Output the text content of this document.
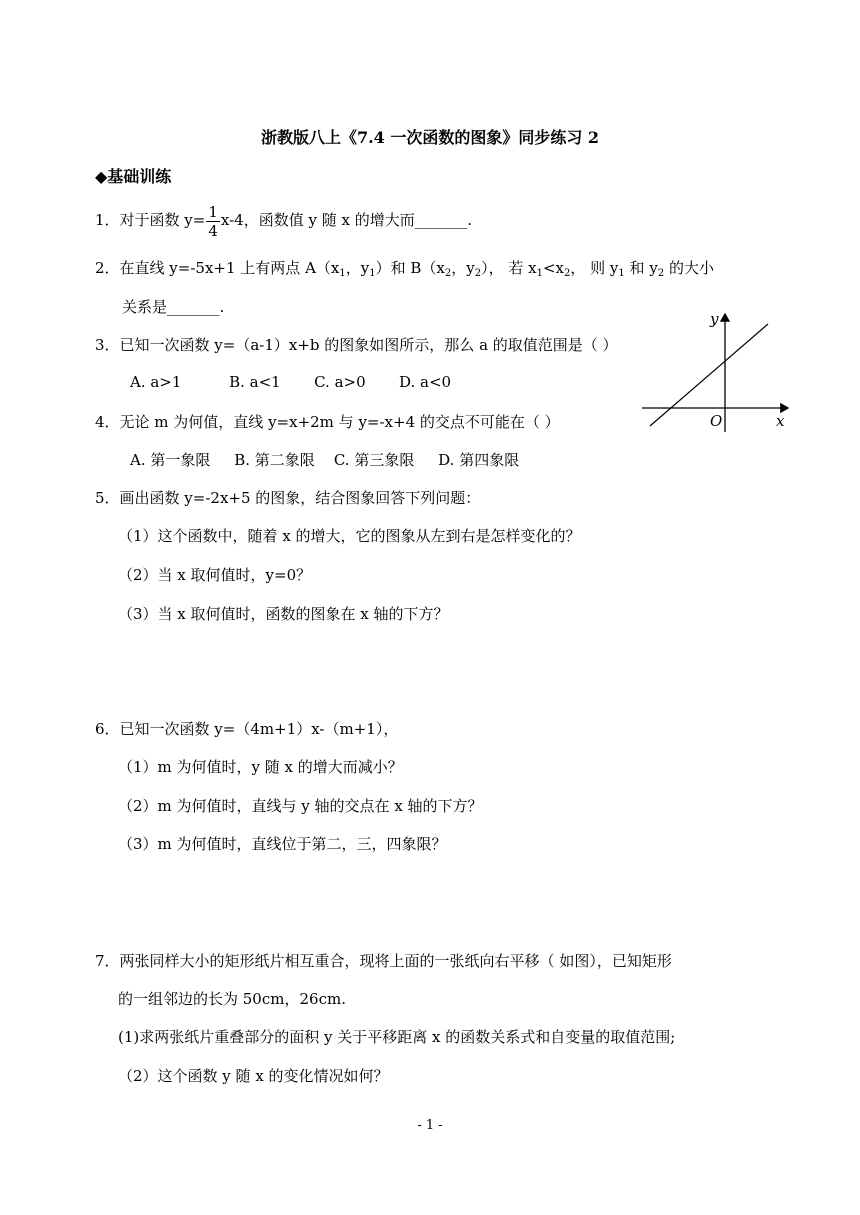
浙教版八上《7.4 一次函数的图象》同步练习 2
◆基础训练
1．对于函数 $y= \frac{1}{4} x-4$，函数值 y 随 x 的增大而_______.
2．在直线 y=-5x+1 上有两点 $A(x_1$，$y_1$）和 $B(x_2$，$y_2$）， 若 $x_1<x_2$， 则 $y_1$ 和 $y_2$ 的大小
关系是_______.
3．已知一次函数 y=（a-1）x+b 的图象如图所示，那么 a 的取值范围是（ ）
A. a>1          B. a<1       C. a>0       D. a<0
4．无论 m 为何值，直线 y=x+2m 与 y=-x+4 的交点不可能在（ ）
A. 第一象限     B. 第二象限    C. 第三象限     D. 第四象限
y
x
O
5．画出函数 y=-2x+5 的图象，结合图象回答下列问题：
（1）这个函数中，随着 x 的增大，它的图象从左到右是怎样变化的？
（2）当 x 取何值时，y=0？
（3）当 x 取何值时，函数的图象在 x 轴的下方？
6．已知一次函数 y=（4m+1）x-（m+1），
（1）m 为何值时，y 随 x 的增大而减小？
（2）m 为何值时，直线与 y 轴的交点在 x 轴的下方？
（3）m 为何值时，直线位于第二，三，四象限？
7．两张同样大小的矩形纸片相互重合，现将上面的一张纸向右平移（ 如图），已知矩形
的一组邻边的长为 50cm，26cm.
(1)求两张纸片重叠部分的面积 y 关于平移距离 x 的函数关系式和自变量的取值范围;
（2）这个函数 y 随 x 的变化情况如何？
- 1 -
